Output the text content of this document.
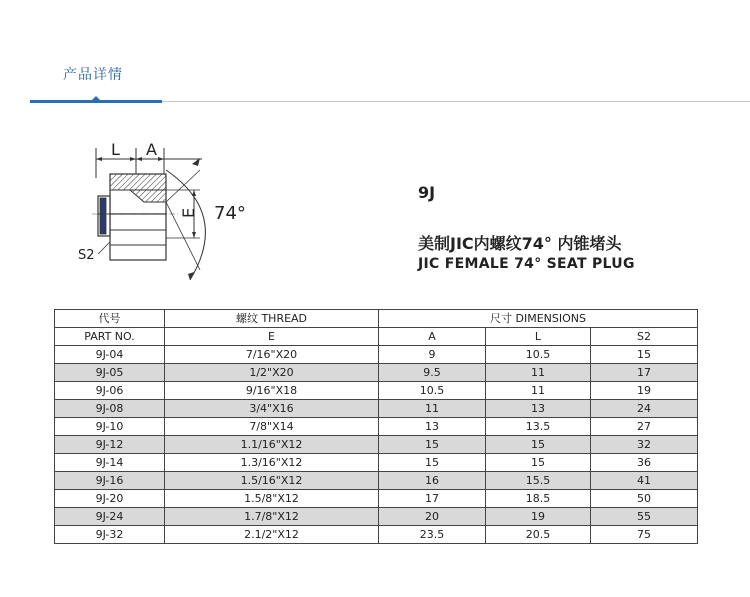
产品详情
L A
E 74°
S2
9J
美制JIC内螺纹74° 内锥堵头
JIC FEMALE 74° SEAT PLUG
代号	螺纹 THREAD	尺寸 DIMENSIONS		
PART NO.	E	A	L	S2
9J-04	7/16"X20	9	10.5	15
9J-05	1/2"X20	9.5	11	17
9J-06	9/16"X18	10.5	11	19
9J-08	3/4"X16	11	13	24
9J-10	7/8"X14	13	13.5	27
9J-12	1.1/16"X12	15	15	32
9J-14	1.3/16"X12	15	15	36
9J-16	1.5/16"X12	16	15.5	41
9J-20	1.5/8"X12	17	18.5	50
9J-24	1.7/8"X12	20	19	55
9J-32	2.1/2"X12	23.5	20.5	75
